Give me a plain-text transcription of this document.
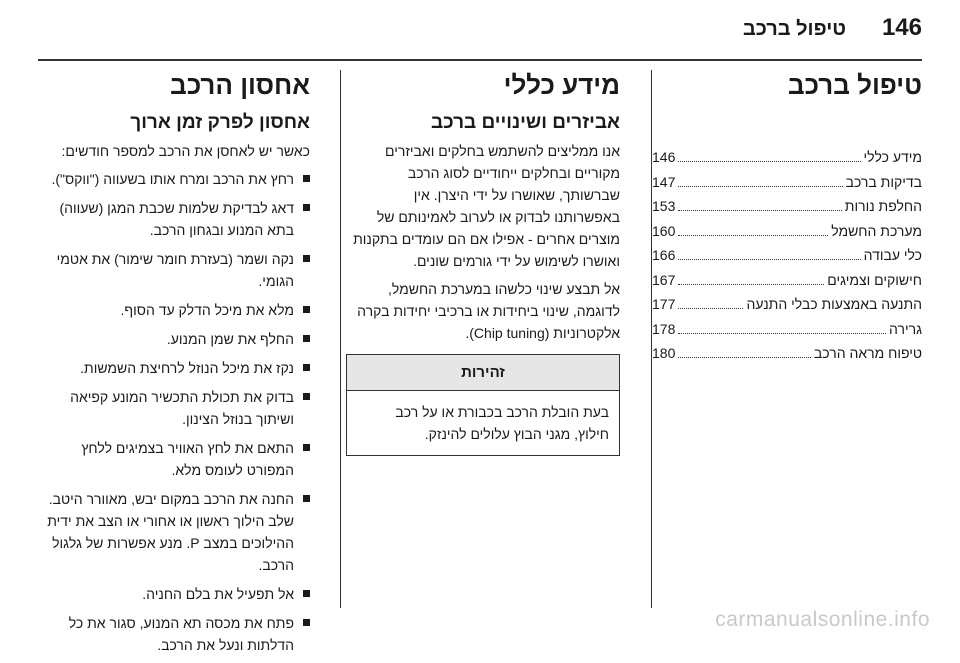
146
טיפול ברכב
טיפול ברכב
מידע כללי
146
בדיקות ברכב
147
החלפת נורות
153
מערכת החשמל
160
כלי עבודה
166
חישוקים וצמיגים
167
התנעה באמצעות כבלי התנעה
177
גרירה
178
טיפוח מראה הרכב
180
מידע כללי
אביזרים ושינויים ברכב

אנו ממליצים להשתמש בחלקים ואביזרים מקוריים ובחלקים ייחודיים לסוג הרכב שברשותך, שאושרו על ידי היצרן. אין באפשרותנו לבדוק או לערוב לאמינותם של מוצרים אחרים - אפילו אם הם עומדים בתקנות ואושרו לשימוש על ידי גורמים שונים.

אל תבצע שינוי כלשהו במערכת החשמל, לדוגמה, שינוי ביחידות או ברכיבי יחידות בקרה אלקטרוניות (Chip tuning).

זהירות
בעת הובלת הרכב בכבורת או על רכב חילוץ, מגני הבוץ עלולים להינזק.
אחסון הרכב
אחסון לפרק זמן ארוך

כאשר יש לאחסן את הרכב למספר חודשים:

רחץ את הרכב ומרח אותו בשעווה ("ווקס").
דאג לבדיקת שלמות שכבת המגן (שעווה) בתא המנוע ובגחון הרכב.
נקה ושמר (בעזרת חומר שימור) את אטמי הגומי.
מלא את מיכל הדלק עד הסוף.
החלף את שמן המנוע.
נקז את מיכל הנוזל לרחיצת השמשות.
בדוק את תכולת התכשיר המונע קפיאה ושיתוך בנוזל הצינון.
התאם את לחץ האוויר בצמיגים ללחץ המפורט לעומס מלא.
החנה את הרכב במקום יבש, מאוורר היטב. שלב הילוך ראשון או אחורי או הצב את ידית ההילוכים במצב P. מנע אפשרות של גלגול הרכב.
אל תפעיל את בלם החניה.
פתח את מכסה תא המנוע, סגור את כל הדלתות ונעל את הרכב.
carmanualsonline.info
